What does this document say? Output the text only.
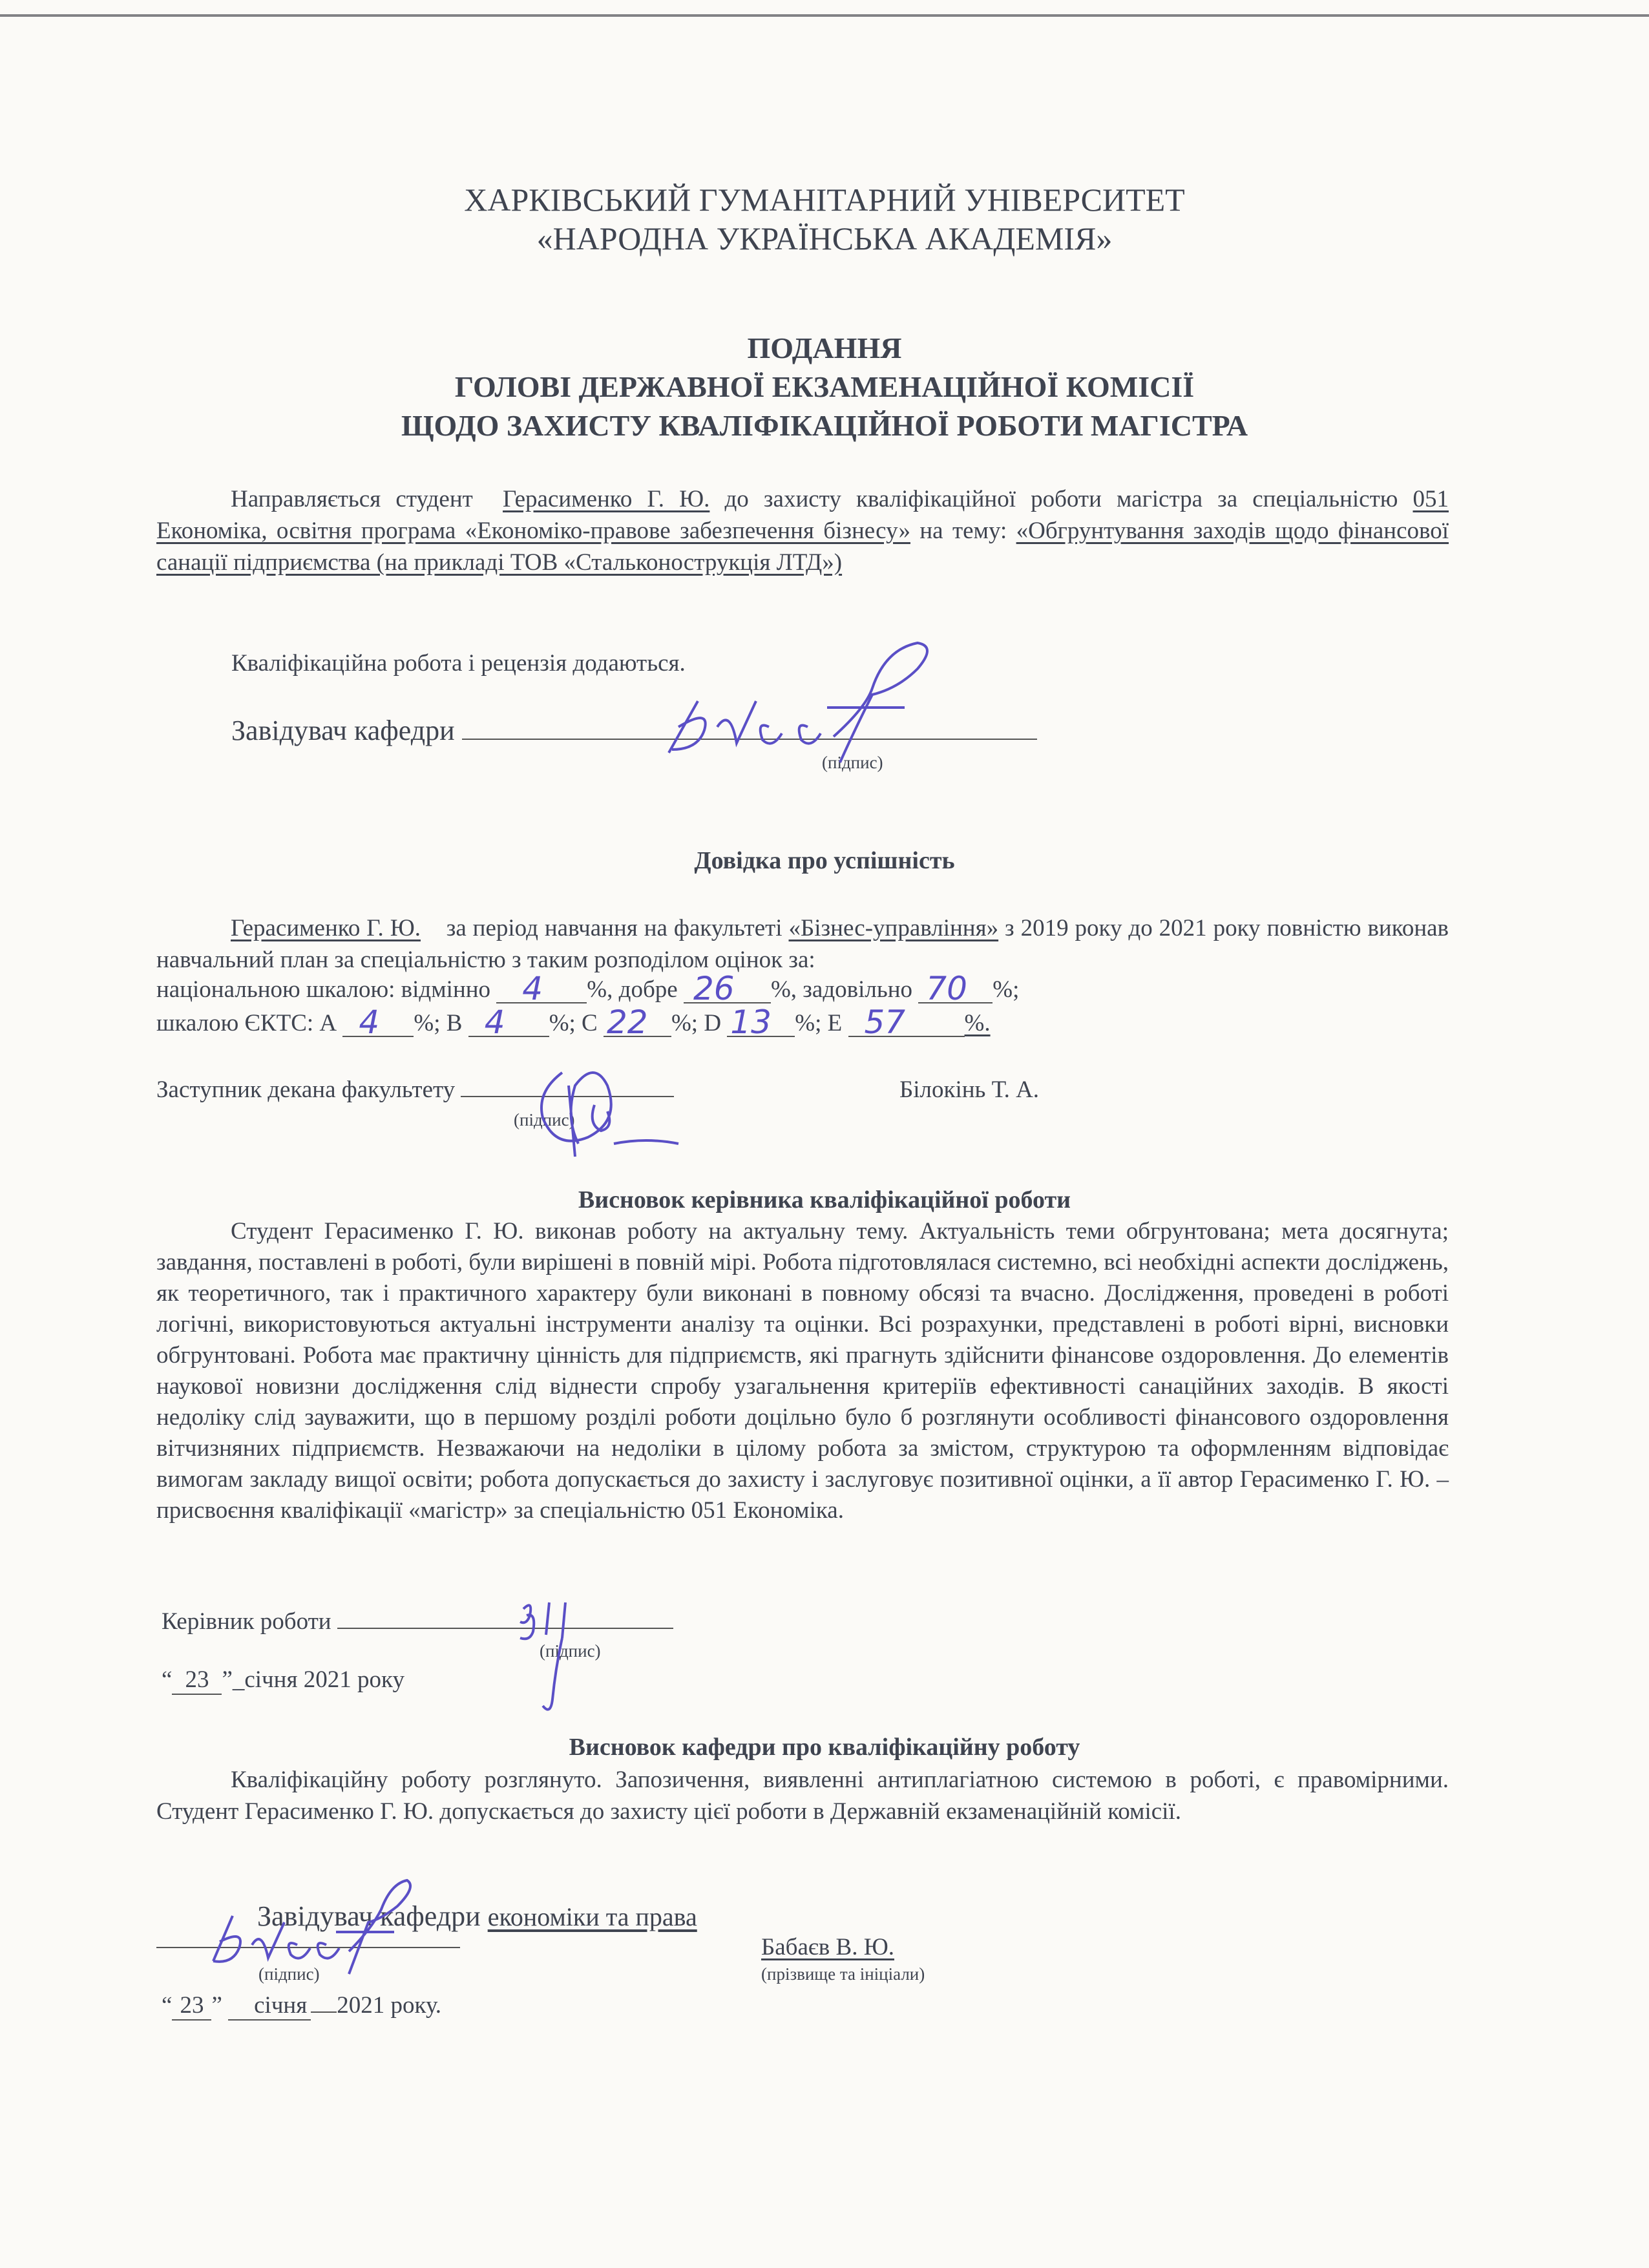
ХАРКІВСЬКИЙ ГУМАНІТАРНИЙ УНІВЕРСИТЕТ
«НАРОДНА УКРАЇНСЬКА АКАДЕМІЯ»
ПОДАННЯ
ГОЛОВІ ДЕРЖАВНОЇ ЕКЗАМЕНАЦІЙНОЇ КОМІСІЇ
ЩОДО ЗАХИСТУ КВАЛІФІКАЦІЙНОЇ РОБОТИ МАГІСТРА
Направляється студент Герасименко Г. Ю. до захисту кваліфікаційної роботи магістра за спеціальністю 051 Економіка, освітня програма «Економіко-правове забезпечення бізнесу» на тему: «Обгрунтування заходів щодо фінансової санації підприємства (на прикладі ТОВ «Стальконострукція ЛТД»)
Кваліфікаційна робота і рецензія додаються.
Завідувач кафедри
(підпис)
Довідка про успішність
Герасименко Г. Ю. за період навчання на факультеті «Бізнес-управління» з 2019 року до 2021 року повністю виконав навчальний план за спеціальністю з таким розподілом оцінок за:
національною шкалою: відмінно 4 %, добре 26 %, задовільно 70 %;
шкалою ЄКТС: А 4 %; В 4 %; С 22 %; D 13 %; E 57 %.
Заступник декана факультету
(підпис)
Білокінь Т. А.
Висновок керівника кваліфікаційної роботи
Студент Герасименко Г. Ю. виконав роботу на актуальну тему. Актуальність теми обгрунтована; мета досягнута; завдання, поставлені в роботі, були вирішені в повній мірі. Робота підготовлялася системно, всі необхідні аспекти досліджень, як теоретичного, так і практичного характеру були виконані в повному обсязі та вчасно. Дослідження, проведені в роботі логічні, використовуються актуальні інструменти аналізу та оцінки. Всі розрахунки, представлені в роботі вірні, висновки обгрунтовані. Робота має практичну цінність для підприємств, які прагнуть здійснити фінансове оздоровлення. До елементів наукової новизни дослідження слід віднести спробу узагальнення критеріїв ефективності санаційних заходів. В якості недоліку слід зауважити, що в першому розділі роботи доцільно було б розглянути особливості фінансового оздоровлення вітчизняних підприємств. Незважаючи на недоліки в цілому робота за змістом, структурою та оформленням відповідає вимогам закладу вищої освіти; робота допускається до захисту і заслуговує позитивної оцінки, а її автор Герасименко Г. Ю. – присвоєння кваліфікації «магістр» за спеціальністю 051 Економіка.
Керівник роботи
(підпис)
“ 23 ”_січня 2021 року
Висновок кафедри про кваліфікаційну роботу
Кваліфікаційну роботу розглянуто. Запозичення, виявленні антиплагіатною системою в роботі, є правомірними. Студент Герасименко Г. Ю. допускається до захисту цієї роботи в Державній екзаменаційній комісії.
Завідувач кафедри економіки та права
(підпис)
Бабаєв В. Ю.
(прізвище та ініціали)
“ 23 ” січня 2021 року.
